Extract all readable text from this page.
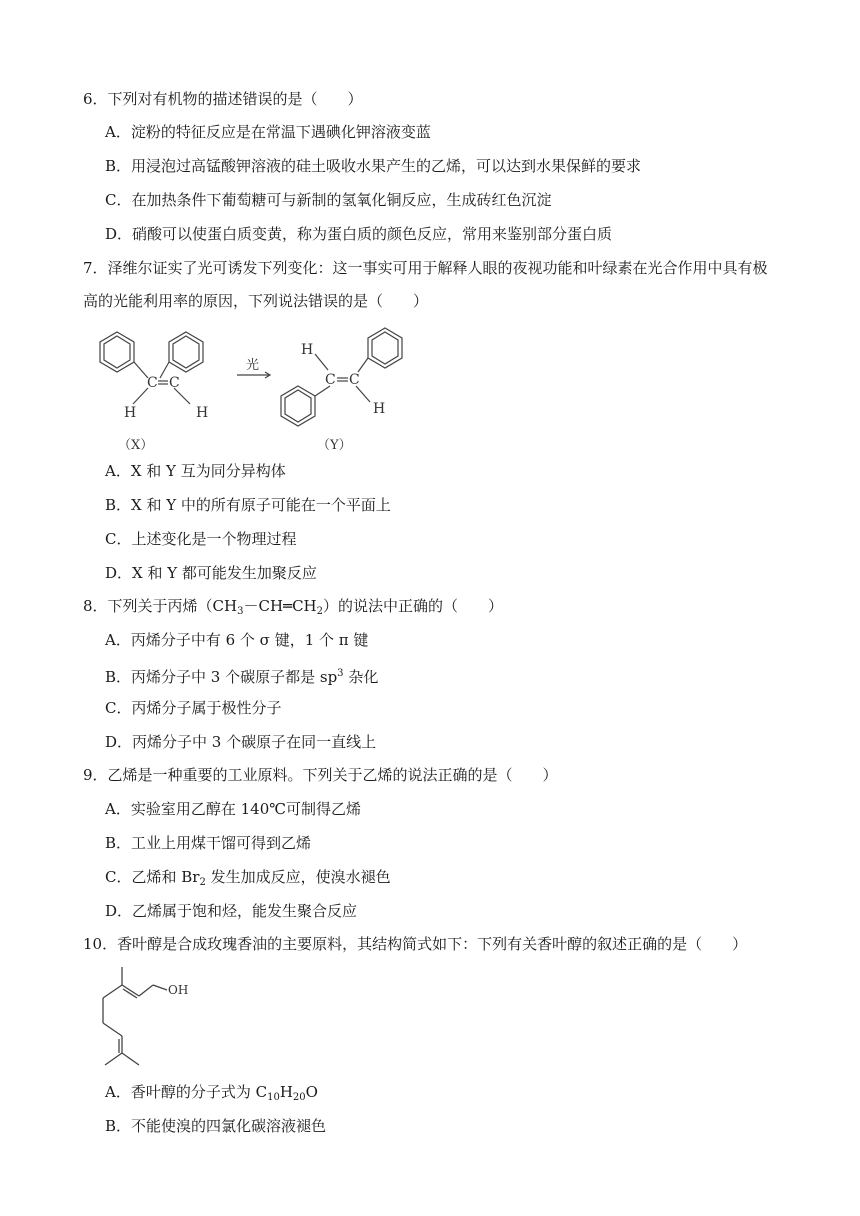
6．下列对有机物的描述错误的是（　　）
A．淀粉的特征反应是在常温下遇碘化钾溶液变蓝
B．用浸泡过高锰酸钾溶液的硅土吸收水果产生的乙烯，可以达到水果保鲜的要求
C．在加热条件下葡萄糖可与新制的氢氧化铜反应，生成砖红色沉淀
D．硝酸可以使蛋白质变黄，称为蛋白质的颜色反应，常用来鉴别部分蛋白质
7．泽维尔证实了光可诱发下列变化：这一事实可用于解释人眼的夜视功能和叶绿素在光合作用中具有极
高的光能利用率的原因，下列说法错误的是（　　）
C C
H	H
光
H
C C
H
（X）	（Y）
A．X 和 Y 互为同分异构体
B．X 和 Y 中的所有原子可能在一个平面上
C．上述变化是一个物理过程
D．X 和 Y 都可能发生加聚反应
8．下列关于丙烯$(CH_3-CH═CH_2)$的说法中正确的（　　）
A．丙烯分子中有 6 个 σ 键，1 个 π 键
B．丙烯分子中 3 个碳原子都是 $sp^3$ 杂化
C．丙烯分子属于极性分子
D．丙烯分子中 3 个碳原子在同一直线上
9．乙烯是一种重要的工业原料。下列关于乙烯的说法正确的是（　　）
A．实验室用乙醇在 140℃可制得乙烯
B．工业上用煤干馏可得到乙烯
C．乙烯和 $Br_2$ 发生加成反应，使溴水褪色
D．乙烯属于饱和烃，能发生聚合反应
10．香叶醇是合成玫瑰香油的主要原料，其结构简式如下：下列有关香叶醇的叙述正确的是（　　）
OH
A．香叶醇的分子式为 $C_{10}H_{20}O$
B．不能使溴的四氯化碳溶液褪色
